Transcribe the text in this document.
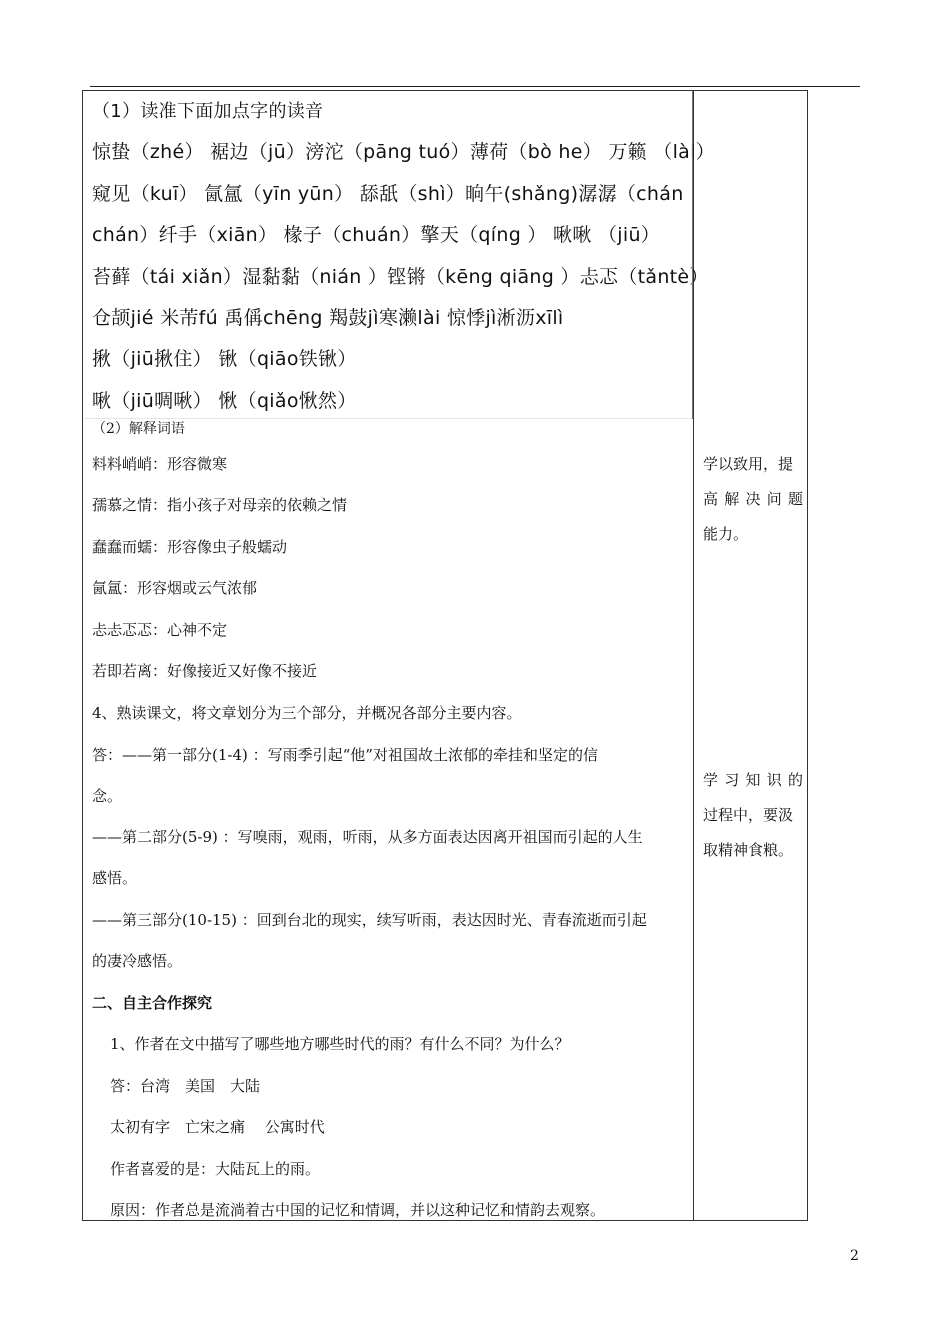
（1）读准下面加点字的读音
惊蛰（zhé） 裾边（jū）滂沱（pāng tuó）薄荷（bò he） 万籁 （lài）
窥见（kuī） 氤氲（yīn yūn） 舔舐（shì）晌午(shǎng)潺潺（chán
chán）纤手（xiān） 椽子（chuán）擎天（qíng ） 啾啾 （jiū）
苔藓（tái xiǎn）湿黏黏（nián ）铿锵（kēng qiāng ）忐忑（tǎntè）
仓颉jié 米芾fú 禹偁chēng 羯鼓jì寒濑lài 惊悸jì淅沥xīlì
揪（jiū揪住） 锹（qiāo铁锹）
啾（jiū啁啾） 愀（qiǎo愀然）
（2）解释词语
料料峭峭：形容微寒
孺慕之情：指小孩子对母亲的依赖之情
蠢蠢而蠕：形容像虫子般蠕动
氤氲：形容烟或云气浓郁
忐忐忑忑：心神不定
若即若离：好像接近又好像不接近
4、熟读课文，将文章划分为三个部分，并概况各部分主要内容。
答：——第一部分(1-4) ：写雨季引起“他”对祖国故土浓郁的牵挂和坚定的信
念。
——第二部分(5-9) ：写嗅雨，观雨，听雨，从多方面表达因离开祖国而引起的人生
感悟。
——第三部分(10-15) ：回到台北的现实，续写听雨，表达因时光、青春流逝而引起
的凄冷感悟。
二、自主合作探究
1、作者在文中描写了哪些地方哪些时代的雨？有什么不同？为什么？
答：台湾　美国　大陆
太初有字　亡宋之痛　 公寓时代
作者喜爱的是：大陆瓦上的雨。
原因：作者总是流淌着古中国的记忆和情调，并以这种记忆和情韵去观察。
学以致用，提
高解决问题
能力。
学习知识的
过程中，要汲
取精神食粮。
2
